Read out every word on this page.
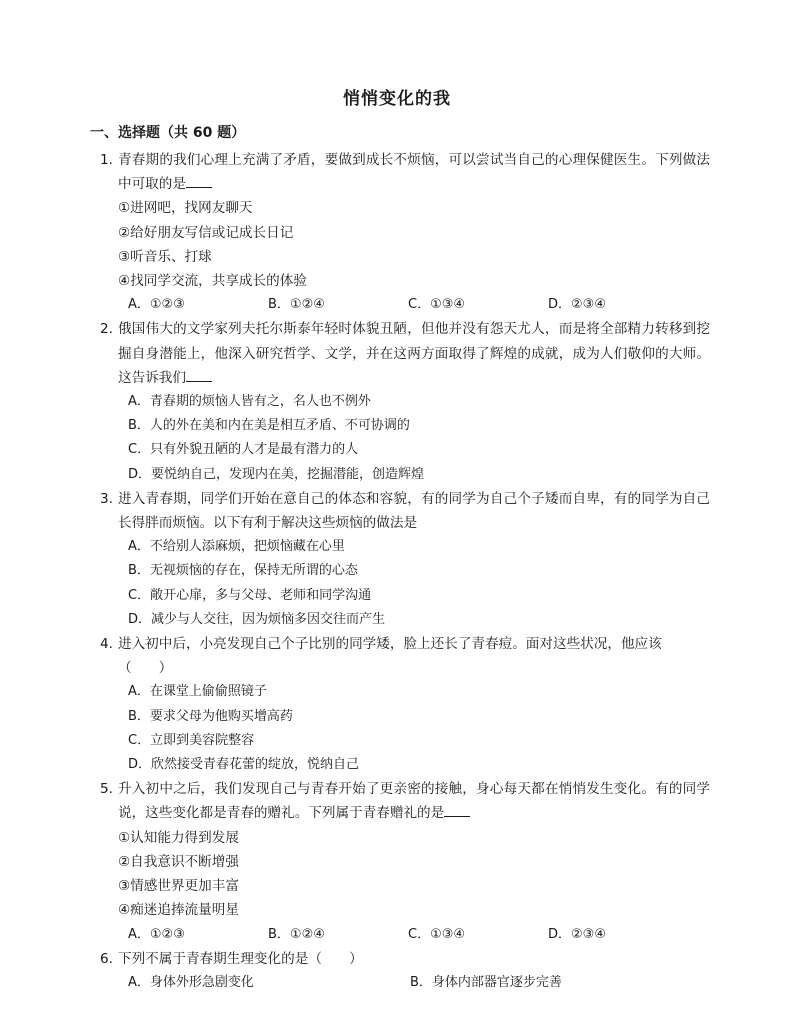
悄悄变化的我
一、选择题（共 60 题）
1. 青春期的我们心理上充满了矛盾，要做到成长不烦恼，可以尝试当自己的心理保健医生。下列做法中可取的是
①进网吧，找网友聊天
②给好朋友写信或记成长日记
③听音乐、打球
④找同学交流，共享成长的体验
A．①②③	B．①②④	C．①③④	D．②③④
2. 俄国伟大的文学家列夫托尔斯泰年轻时体貌丑陋，但他并没有怨天尤人，而是将全部精力转移到挖掘自身潜能上，他深入研究哲学、文学，并在这两方面取得了辉煌的成就，成为人们敬仰的大师。这告诉我们
A．青春期的烦恼人皆有之，名人也不例外
B．人的外在美和内在美是相互矛盾、不可协调的
C．只有外貌丑陋的人才是最有潜力的人
D．要悦纳自己，发现内在美，挖掘潜能，创造辉煌
3. 进入青春期，同学们开始在意自己的体态和容貌，有的同学为自己个子矮而自卑，有的同学为自己长得胖而烦恼。以下有利于解决这些烦恼的做法是
A．不给别人添麻烦，把烦恼藏在心里
B．无视烦恼的存在，保持无所谓的心态
C．敞开心扉，多与父母、老师和同学沟通
D．减少与人交往，因为烦恼多因交往而产生
4. 进入初中后，小亮发现自己个子比别的同学矮，脸上还长了青春痘。面对这些状况，他应该
（　　）
A．在课堂上偷偷照镜子
B．要求父母为他购买增高药
C．立即到美容院整容
D．欣然接受青春花蕾的绽放，悦纳自己
5. 升入初中之后，我们发现自己与青春开始了更亲密的接触，身心每天都在悄悄发生变化。有的同学说，这些变化都是青春的赠礼。下列属于青春赠礼的是
①认知能力得到发展
②自我意识不断增强
③情感世界更加丰富
④痴迷追捧流量明星
A．①②③	B．①②④	C．①③④	D．②③④
6. 下列不属于青春期生理变化的是（　　）
A．身体外形急剧变化	B．身体内部器官逐步完善
